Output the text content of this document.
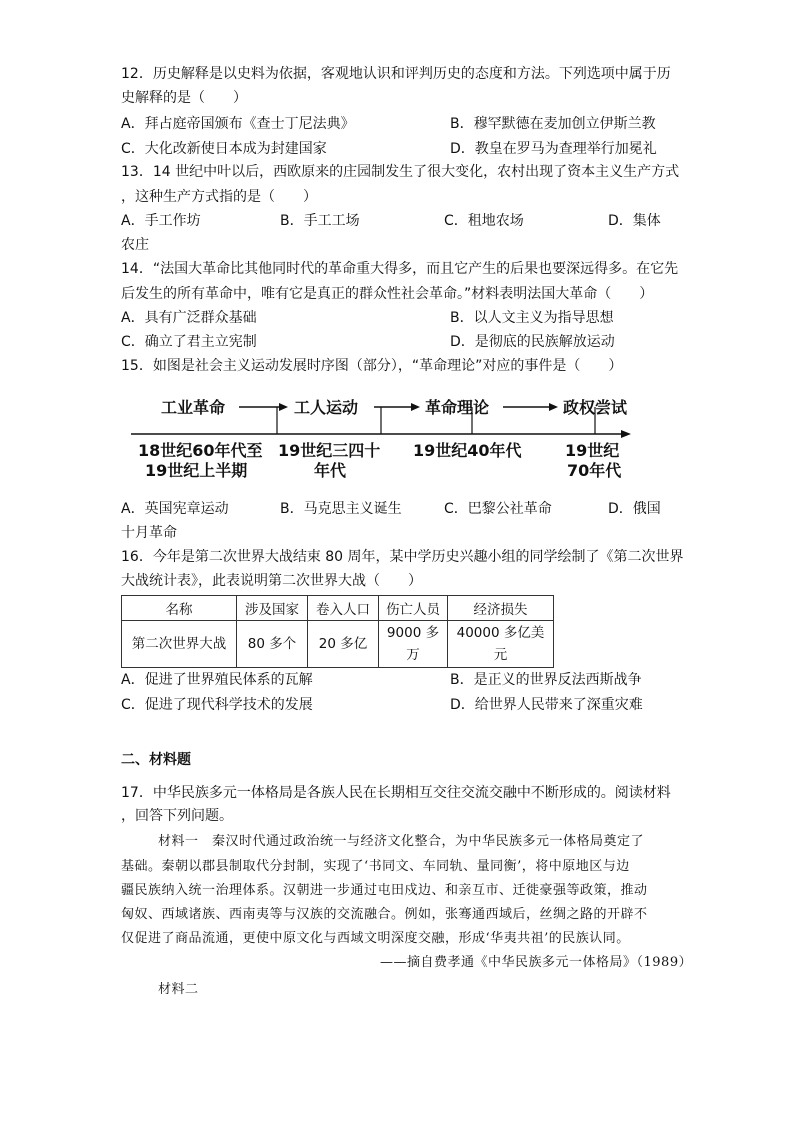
12．历史解释是以史料为依据，客观地认识和评判历史的态度和方法。下列选项中属于历
史解释的是（　　）
A．拜占庭帝国颁布《查士丁尼法典》	B．穆罕默德在麦加创立伊斯兰教
C．大化改新使日本成为封建国家	D．教皇在罗马为查理举行加冕礼
13．14 世纪中叶以后，西欧原来的庄园制发生了很大变化，农村出现了资本主义生产方式
，这种生产方式指的是（　　）
A．手工作坊	B．手工工场	C．租地农场	D．集体
农庄
14．“法国大革命比其他同时代的革命重大得多，而且它产生的后果也要深远得多。在它先
后发生的所有革命中，唯有它是真正的群众性社会革命。”材料表明法国大革命（　　）
A．具有广泛群众基础	B．以人文主义为指导思想
C．确立了君主立宪制	D．是彻底的民族解放运动
15．如图是社会主义运动发展时序图（部分），“革命理论”对应的事件是（　　）
工业革命	工人运动	革命理论	政权尝试
18世纪60年代至
19世纪上半期
19世纪三四十
年代
19世纪40年代	19世纪
70年代
A．英国宪章运动	B．马克思主义诞生	C．巴黎公社革命	D．俄国
十月革命
16．今年是第二次世界大战结束 80 周年，某中学历史兴趣小组的同学绘制了《第二次世界
大战统计表》，此表说明第二次世界大战（　　）
名称	涉及国家	卷入人口	伤亡人员	经济损失
第二次世界大战	80 多个	20 多亿	9000 多万	40000 多亿美元
A．促进了世界殖民体系的瓦解	B．是正义的世界反法西斯战争
C．促进了现代科学技术的发展	D．给世界人民带来了深重灾难
二、材料题
17．中华民族多元一体格局是各族人民在长期相互交往交流交融中不断形成的。阅读材料
，回答下列问题。
材料一　秦汉时代通过政治统一与经济文化整合，为中华民族多元一体格局奠定了
基础。秦朝以郡县制取代分封制，实现了‘书同文、车同轨、量同衡’，将中原地区与边
疆民族纳入统一治理体系。汉朝进一步通过屯田戍边、和亲互市、迁徙豪强等政策，推动
匈奴、西域诸族、西南夷等与汉族的交流融合。例如，张骞通西域后，丝绸之路的开辟不
仅促进了商品流通，更使中原文化与西域文明深度交融，形成‘华夷共祖’的民族认同。
——摘自费孝通《中华民族多元一体格局》（1989）
材料二
